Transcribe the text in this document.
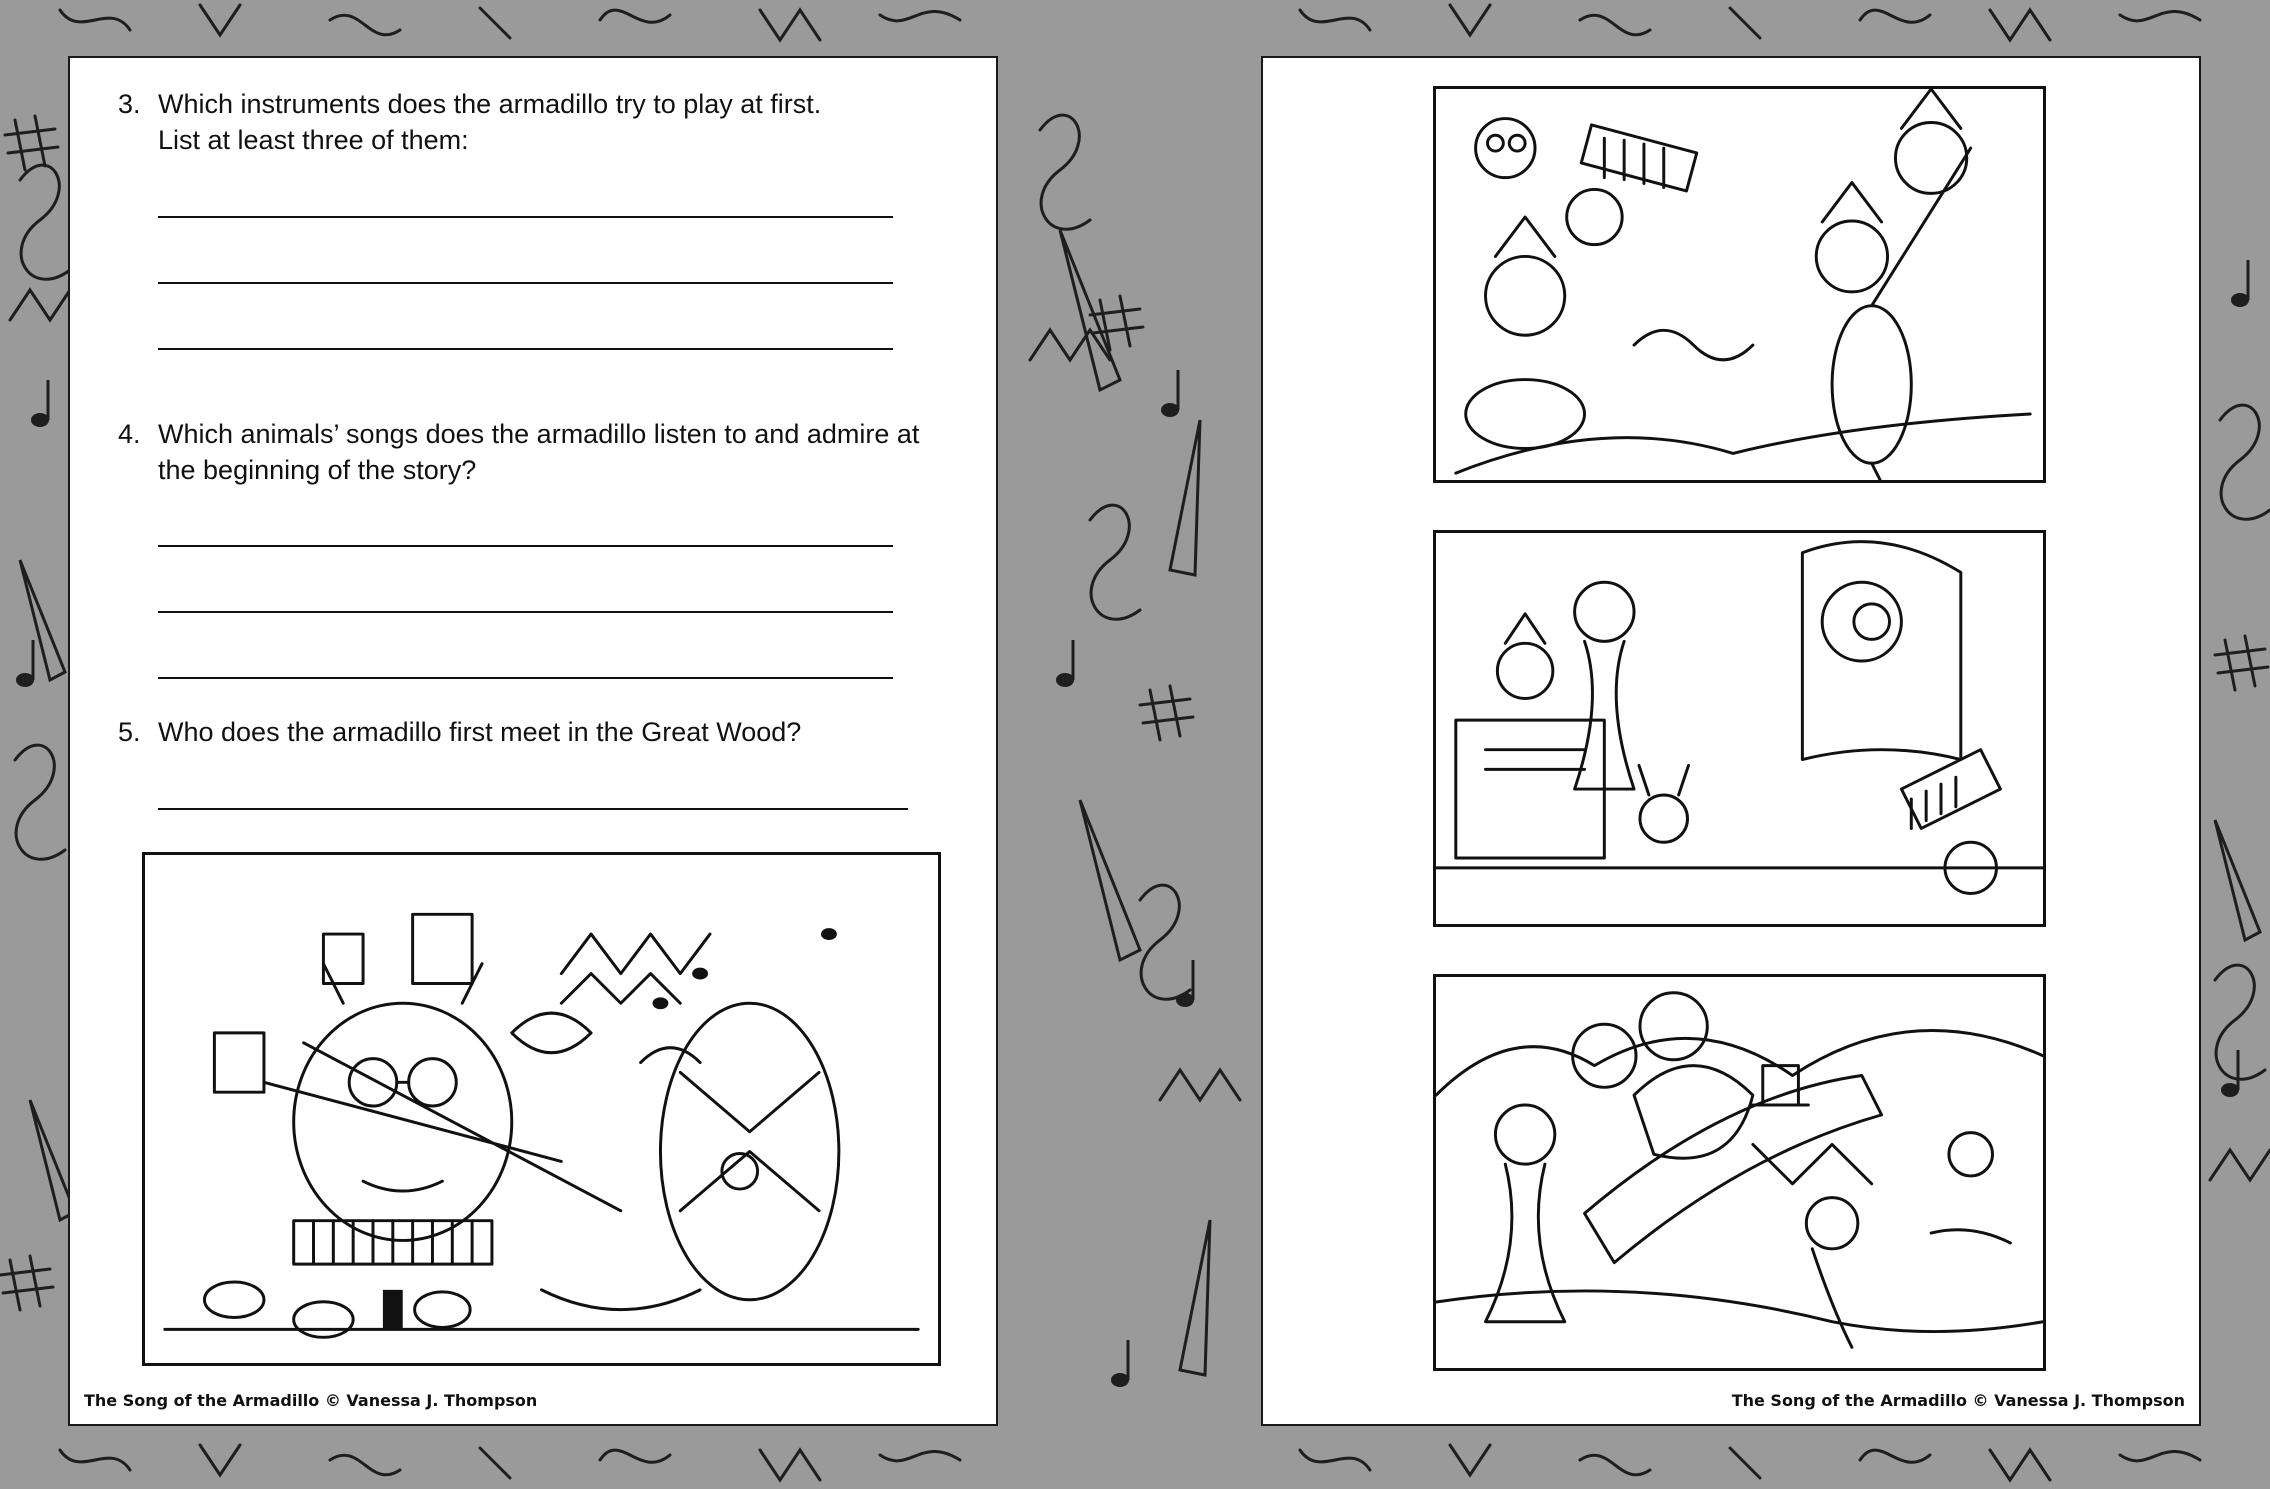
3. Which instruments does the armadillo try to play at first.
List at least three of them:
4. Which animals’ songs does the armadillo listen to and admire at
the beginning of the story?
5. Who does the armadillo first meet in the Great Wood?
The Song of the Armadillo © Vanessa J. Thompson	The Song of the Armadillo © Vanessa J. Thompson
